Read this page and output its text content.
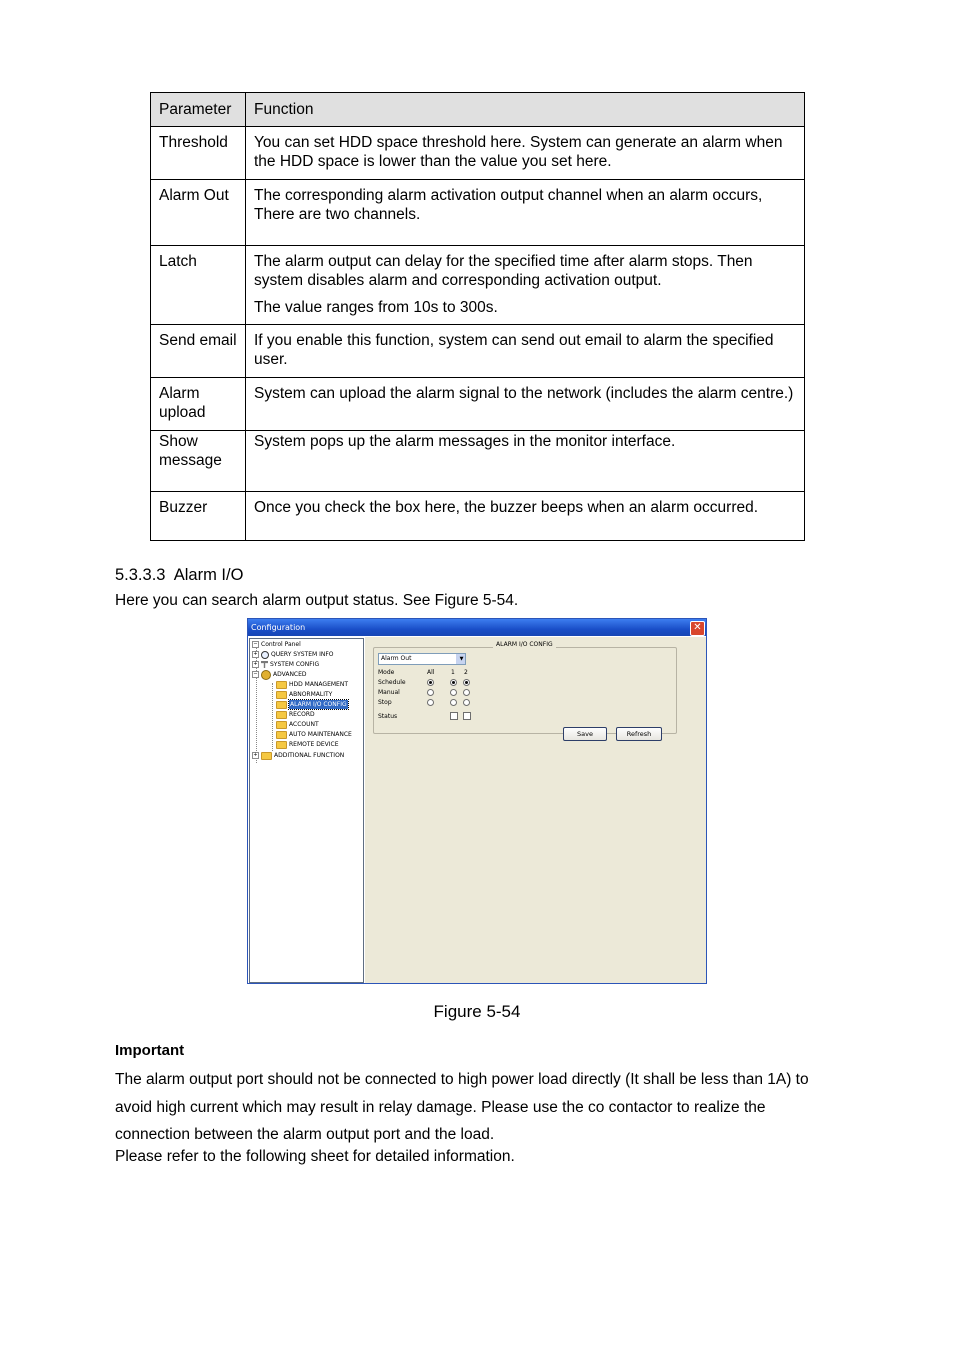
Parameter	Function
Threshold	You can set HDD space threshold here. System can generate an alarm when the HDD space is lower than the value you set here.

Alarm Out	The corresponding alarm activation output channel when an alarm occurs, There are two channels.

Latch	The alarm output can delay for the specified time after alarm stops. Then system disables alarm and corresponding activation output.

The value ranges from 10s to 300s.

Send email	If you enable this function, system can send out email to alarm the specified user.

Alarm upload	System can upload the alarm signal to the network (includes the alarm centre.)

Show message	System pops up the alarm messages in the monitor interface.

Buzzer	Once you check the box here, the buzzer beeps when an alarm occurred.

5.3.3.3 Alarm I/O
Here you can search alarm output status. See Figure 5-54.
Configuration	✕
− Control Panel
+ QUERY SYSTEM INFO
+ SYSTEM CONFIG
−	ADVANCED
HDD MANAGEMENT
ABNORMALITY
ALARM I/O CONFIG
RECORD
ACCOUNT
AUTO MAINTENANCE
REMOTE DEVICE
+	ADDITIONAL FUNCTION
ALARM I/O CONFIG
Alarm Out	▼
Mode	All	1 2
Schedule
Manual
Stop
Status
Save	Refresh
Figure 5-54
Important
The alarm output port should not be connected to high power load directly (It shall be less than 1A) to avoid high current which may result in relay damage. Please use the co contactor to realize the connection between the alarm output port and the load.
Please refer to the following sheet for detailed information.
